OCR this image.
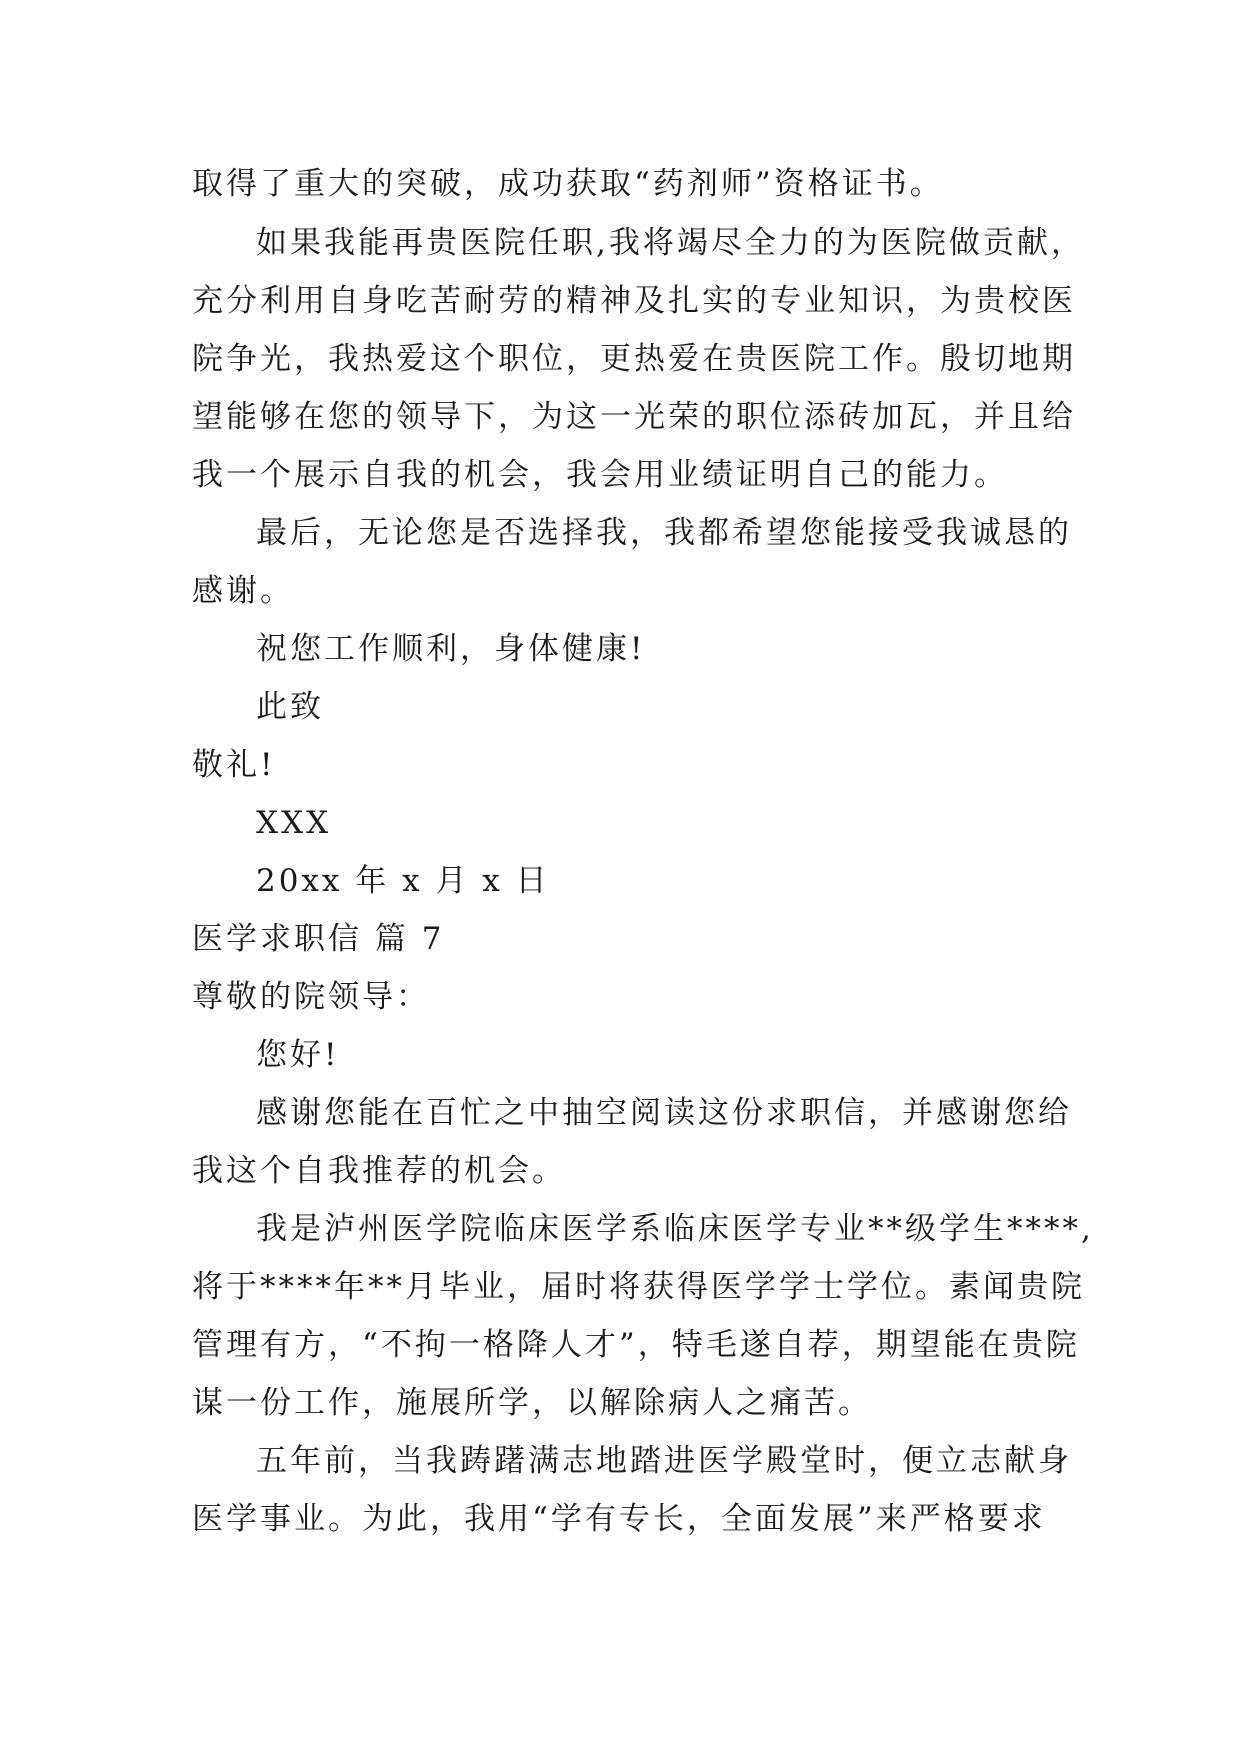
取得了重大的突破，成功获取“药剂师”资格证书。
如果我能再贵医院任职,我将竭尽全力的为医院做贡献，
充分利用自身吃苦耐劳的精神及扎实的专业知识，为贵校医
院争光，我热爱这个职位，更热爱在贵医院工作。殷切地期
望能够在您的领导下，为这一光荣的职位添砖加瓦，并且给
我一个展示自我的机会，我会用业绩证明自己的能力。
最后，无论您是否选择我，我都希望您能接受我诚恳的
感谢。
祝您工作顺利，身体健康!
此致
敬礼!
XXX
20xx 年 x 月 x 日
医学求职信 篇 7
尊敬的院领导：
您好!
感谢您能在百忙之中抽空阅读这份求职信，并感谢您给
我这个自我推荐的机会。
我是泸州医学院临床医学系临床医学专业**级学生****,
将于****年**月毕业，届时将获得医学学士学位。素闻贵院
管理有方，“不拘一格降人才”，特毛遂自荐，期望能在贵院
谋一份工作，施展所学，以解除病人之痛苦。
五年前，当我踌躇满志地踏进医学殿堂时，便立志献身
医学事业。为此，我用“学有专长，全面发展”来严格要求
